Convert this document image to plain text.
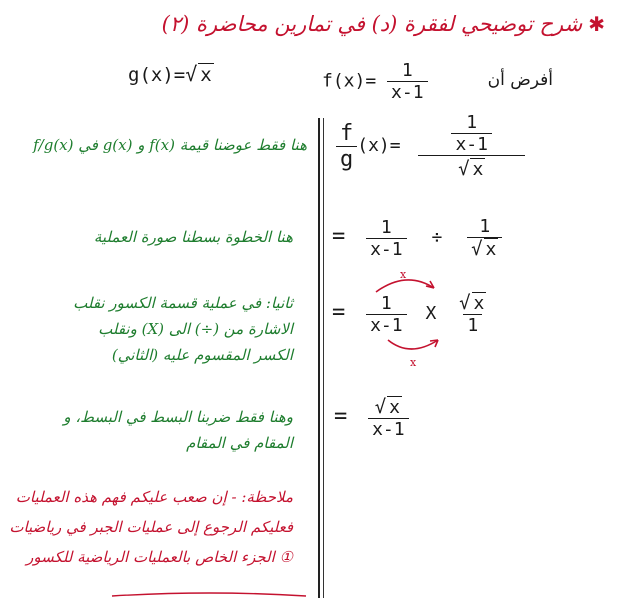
✱شرح توضيحي لفقرة (د) في تمارين محاضرة (٢)
أفرض أن
$f(x)= \frac{1}{x-1}$
g(x)=√ x
$\frac{f}{g} (x)= \frac{\frac{1}{x-1}}{√ x}$
هنا فقط عوضنا قيمة f(x) و g(x) في f/g(x)
= $\frac{1}{x-1} \div \frac{1}{√ x}$
هنا الخطوة بسطنا صورة العملية
= $\frac{1}{x-1}$ X $\frac{√ x}{1}$
x
x
ثانيا: في عملية قسمة الكسور نقلب
الاشارة من (÷) الى (X) ونقلب
الكسر المقسوم عليه (الثاني)
= $\frac{√ x}{x-1}$
وهنا فقط ضربنا البسط في البسط، و
المقام في المقام
ملاحظة: - إن صعب عليكم فهم هذه العمليات
فعليكم الرجوع إلى عمليات الجبر في رياضيات
① الجزء الخاص بالعمليات الرياضية للكسور
